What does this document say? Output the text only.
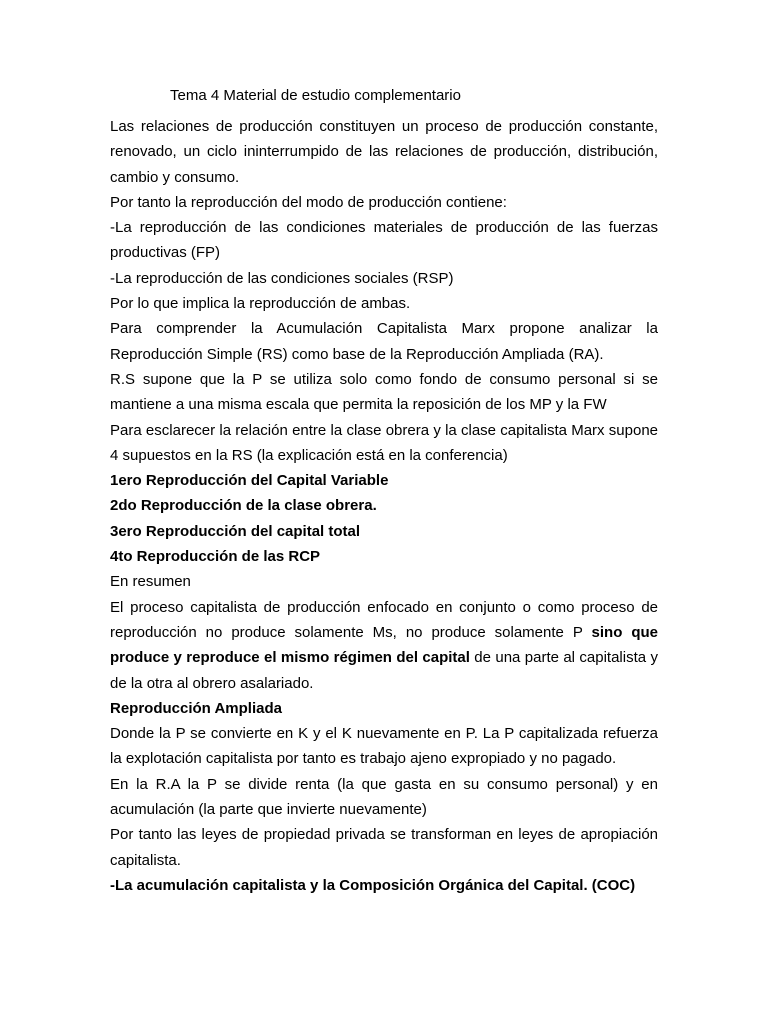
Tema 4 Material de estudio complementario

Las relaciones de producción constituyen un proceso de producción constante, renovado, un ciclo ininterrumpido de las relaciones de producción, distribución, cambio y consumo.

Por tanto la reproducción del modo de producción contiene:

-La reproducción de las condiciones materiales de producción de las fuerzas productivas (FP)

-La reproducción de las condiciones sociales (RSP)

Por lo que implica la reproducción de ambas.

Para comprender la Acumulación Capitalista Marx propone analizar la Reproducción Simple (RS) como base de la Reproducción Ampliada (RA).

R.S supone que la P se utiliza solo como fondo de consumo personal si se mantiene a una misma escala que permita la reposición de los MP y la FW

Para esclarecer la relación entre la clase obrera y la clase capitalista Marx supone 4 supuestos en la RS (la explicación está en la conferencia)

1ero Reproducción del Capital Variable

2do Reproducción de la clase obrera.

3ero Reproducción del capital total

4to Reproducción de las RCP

En resumen

El proceso capitalista de producción enfocado en conjunto o como proceso de reproducción no produce solamente Ms, no produce solamente P sino que produce y reproduce el mismo régimen del capital de una parte al capitalista y de la otra al obrero asalariado.

Reproducción Ampliada

Donde la P se convierte en K y el K nuevamente en P. La P capitalizada refuerza la explotación capitalista por tanto es trabajo ajeno expropiado y no pagado.

En la R.A la P se divide renta (la que gasta en su consumo personal) y en acumulación (la parte que invierte nuevamente)

Por tanto las leyes de propiedad privada se transforman en leyes de apropiación capitalista.

-La acumulación capitalista y la Composición Orgánica del Capital. (COC)
